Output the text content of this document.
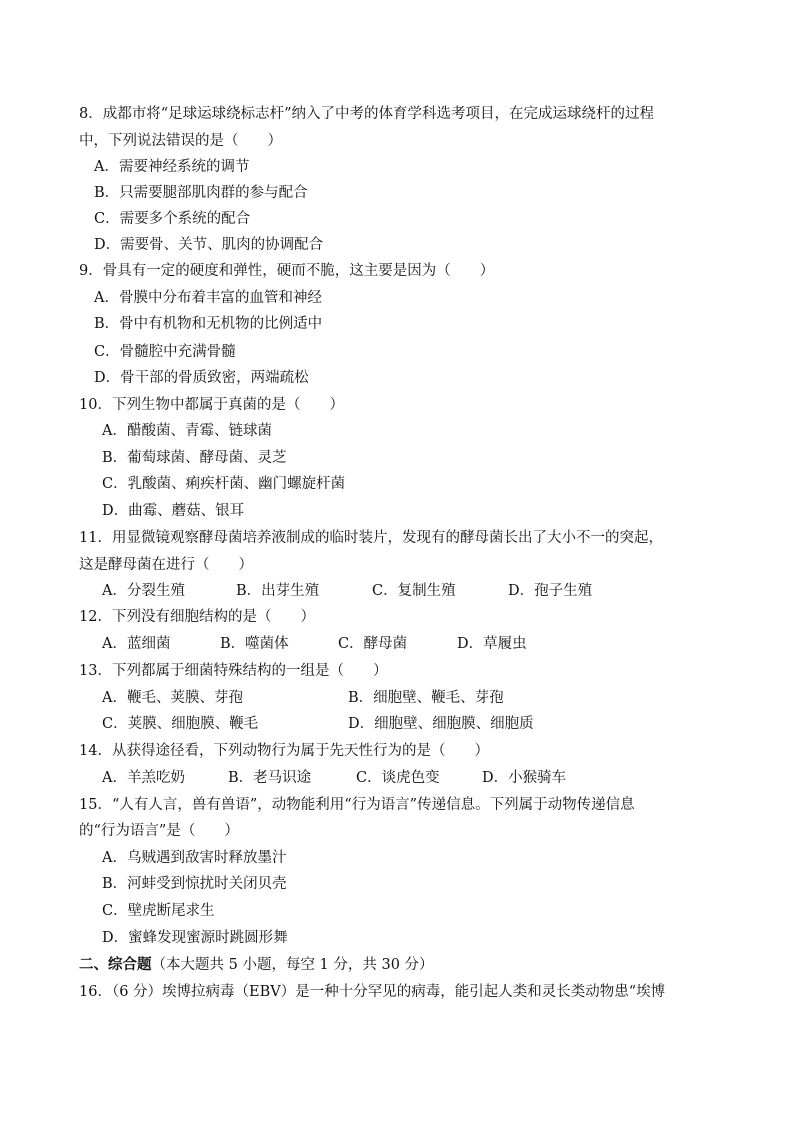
8．成都市将“足球运球绕标志杆”纳入了中考的体育学科选考项目，在完成运球绕杆的过程
中，下列说法错误的是（　　）
A．需要神经系统的调节
B．只需要腿部肌肉群的参与配合
C．需要多个系统的配合
D．需要骨、关节、肌肉的协调配合
9．骨具有一定的硬度和弹性，硬而不脆，这主要是因为（　　）
A．骨膜中分布着丰富的血管和神经
B．骨中有机物和无机物的比例适中
C．骨髓腔中充满骨髓
D．骨干部的骨质致密，两端疏松
10．下列生物中都属于真菌的是（　　）
A．醋酸菌、青霉、链球菌
B．葡萄球菌、酵母菌、灵芝
C．乳酸菌、痢疾杆菌、幽门螺旋杆菌
D．曲霉、蘑菇、银耳
11．用显微镜观察酵母菌培养液制成的临时装片，发现有的酵母菌长出了大小不一的突起，
这是酵母菌在进行（　　）
A．分裂生殖	B．出芽生殖	C．复制生殖	D．孢子生殖
12．下列没有细胞结构的是（　　）
A．蓝细菌	B．噬菌体	C．酵母菌	D．草履虫
13．下列都属于细菌特殊结构的一组是（　　）
A．鞭毛、荚膜、芽孢	B．细胞壁、鞭毛、芽孢
C．荚膜、细胞膜、鞭毛	D．细胞壁、细胞膜、细胞质
14．从获得途径看，下列动物行为属于先天性行为的是（　　）
A．羊羔吃奶	B．老马识途	C．谈虎色变	D．小猴骑车
15．“人有人言，兽有兽语”，动物能利用“行为语言”传递信息。下列属于动物传递信息
的“行为语言”是（　　）
A．乌贼遇到敌害时释放墨汁
B．河蚌受到惊扰时关闭贝壳
C．壁虎断尾求生
D．蜜蜂发现蜜源时跳圆形舞
二、综合题（本大题共 5 小题，每空 1 分，共 30 分）
16．（6 分）埃博拉病毒（EBV）是一种十分罕见的病毒，能引起人类和灵长类动物患“埃博
